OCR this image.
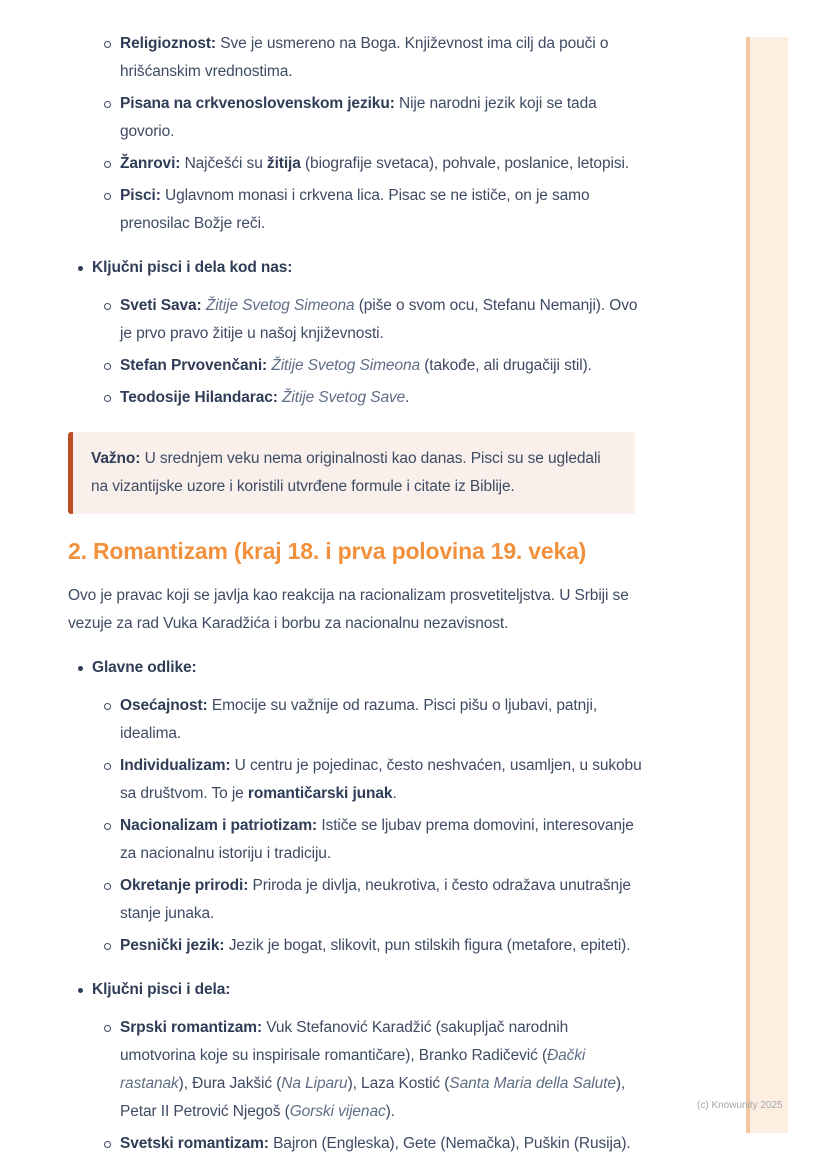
Religioznost: Sve je usmereno na Boga. Književnost ima cilj da pouči o hrišćanskim vrednostima.
Pisana na crkvenoslovenskom jeziku: Nije narodni jezik koji se tada govorio.
Žanrovi: Najčešći su žitija (biografije svetaca), pohvale, poslanice, letopisi.
Pisci: Uglavnom monasi i crkvena lica. Pisac se ne ističe, on je samo prenosilac Božje reči.
Ključni pisci i dela kod nas:
Sveti Sava: Žitije Svetog Simeona (piše o svom ocu, Stefanu Nemanji). Ovo je prvo pravo žitije u našoj književnosti.
Stefan Prvovenčani: Žitije Svetog Simeona (takođe, ali drugačiji stil).
Teodosije Hilandarac: Žitije Svetog Save.

Važno: U srednjem veku nema originalnosti kao danas. Pisci su se ugledali na vizantijske uzore i koristili utvrđene formule i citate iz Biblije.

2. Romantizam (kraj 18. i prva polovina 19. veka)

Ovo je pravac koji se javlja kao reakcija na racionalizam prosvetiteljstva. U Srbiji se vezuje za rad Vuka Karadžića i borbu za nacionalnu nezavisnost.

Glavne odlike:
Osećajnost: Emocije su važnije od razuma. Pisci pišu o ljubavi, patnji, idealima.
Individualizam: U centru je pojedinac, često neshvaćen, usamljen, u sukobu sa društvom. To je romantičarski junak.
Nacionalizam i patriotizam: Ističe se ljubav prema domovini, interesovanje za nacionalnu istoriju i tradiciju.
Okretanje prirodi: Priroda je divlja, neukrotiva, i često odražava unutrašnje stanje junaka.
Pesnički jezik: Jezik je bogat, slikovit, pun stilskih figura (metafore, epiteti).
Ključni pisci i dela:
Srpski romantizam: Vuk Stefanović Karadžić (sakupljač narodnih umotvorina koje su inspirisale romantičare), Branko Radičević (Đački rastanak), Đura Jakšić (Na Liparu), Laza Kostić (Santa Maria della Salute), Petar II Petrović Njegoš (Gorski vijenac).
Svetski romantizam: Bajron (Engleska), Gete (Nemačka), Puškin (Rusija).
(c) Knowunity 2025
